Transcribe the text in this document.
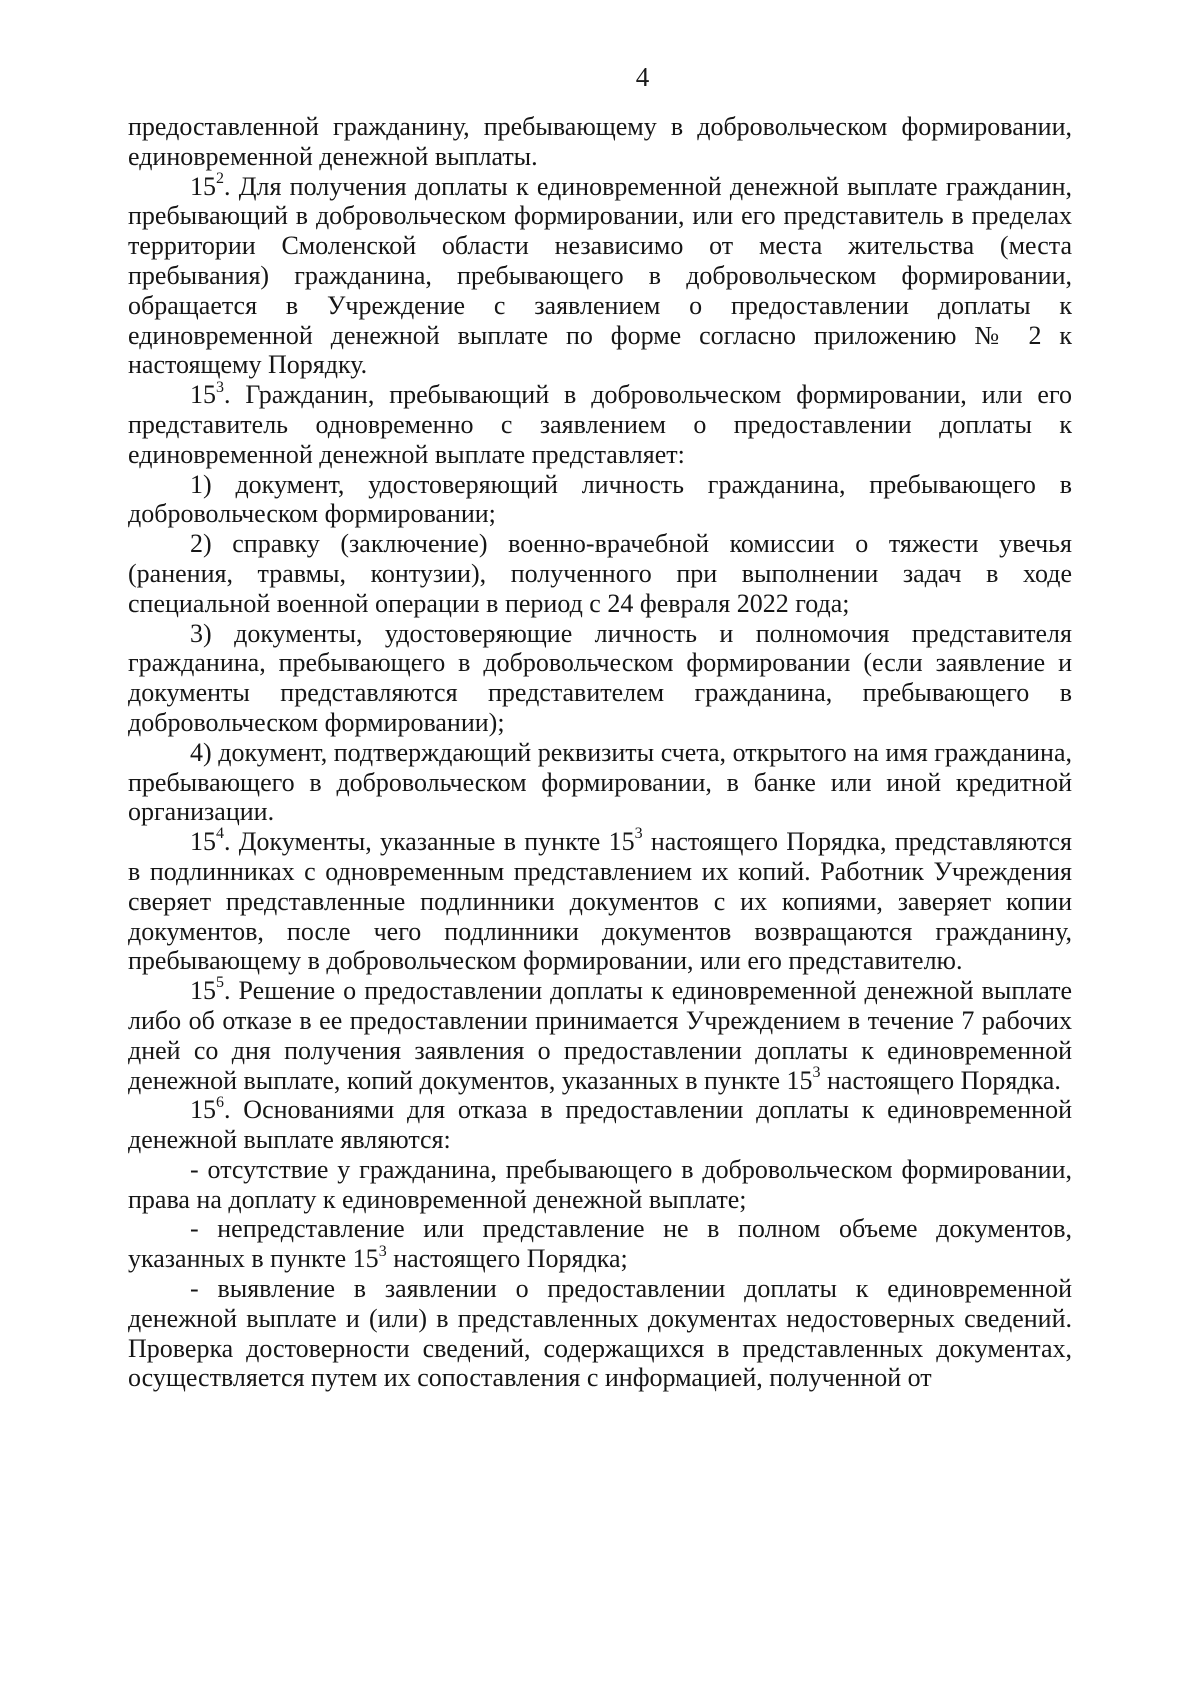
4

предоставленной гражданину, пребывающему в добровольческом формировании, единовременной денежной выплаты.

$15^2$. Для получения доплаты к единовременной денежной выплате гражданин, пребывающий в добровольческом формировании, или его представитель в пределах территории Смоленской области независимо от места жительства (места пребывания) гражданина, пребывающего в добровольческом формировании, обращается в Учреждение с заявлением о предоставлении доплаты к единовременной денежной выплате по форме согласно приложению № 2 к настоящему Порядку.

$15^3$. Гражданин, пребывающий в добровольческом формировании, или его представитель одновременно с заявлением о предоставлении доплаты к единовременной денежной выплате представляет:

1) документ, удостоверяющий личность гражданина, пребывающего в добровольческом формировании;

2) справку (заключение) военно-врачебной комиссии о тяжести увечья (ранения, травмы, контузии), полученного при выполнении задач в ходе специальной военной операции в период с 24 февраля 2022 года;

3) документы, удостоверяющие личность и полномочия представителя гражданина, пребывающего в добровольческом формировании (если заявление и документы представляются представителем гражданина, пребывающего в добровольческом формировании);

4) документ, подтверждающий реквизиты счета, открытого на имя гражданина, пребывающего в добровольческом формировании, в банке или иной кредитной организации.

$15^4$. Документы, указанные в пункте $15^3$ настоящего Порядка, представляются в подлинниках с одновременным представлением их копий. Работник Учреждения сверяет представленные подлинники документов с их копиями, заверяет копии документов, после чего подлинники документов возвращаются гражданину, пребывающему в добровольческом формировании, или его представителю.

$15^5$. Решение о предоставлении доплаты к единовременной денежной выплате либо об отказе в ее предоставлении принимается Учреждением в течение 7 рабочих дней со дня получения заявления о предоставлении доплаты к единовременной денежной выплате, копий документов, указанных в пункте $15^3$ настоящего Порядка.

$15^6$. Основаниями для отказа в предоставлении доплаты к единовременной денежной выплате являются:

- отсутствие у гражданина, пребывающего в добровольческом формировании, права на доплату к единовременной денежной выплате;

- непредставление или представление не в полном объеме документов, указанных в пункте $15^3$ настоящего Порядка;

- выявление в заявлении о предоставлении доплаты к единовременной денежной выплате и (или) в представленных документах недостоверных сведений. Проверка достоверности сведений, содержащихся в представленных документах, осуществляется путем их сопоставления с информацией, полученной от
